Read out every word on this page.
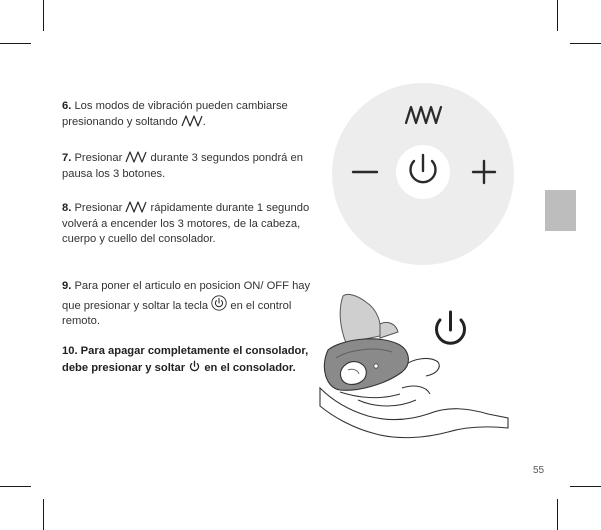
6. Los modos de vibración pueden cambiarse presionando y soltando
.
7. Presionar
durante 3 segundos pondrá en pausa los 3 botones.
8. Presionar
rápidamente durante 1 segundo volverá a encender los 3 motores, de la cabeza, cuerpo y cuello del consolador.
9. Para poner el articulo en posicion ON/ OFF hay que presionar y soltar la tecla
en el control remoto.
10. Para apagar completamente el consolador, debe presionar y soltar
en el consolador.
55
